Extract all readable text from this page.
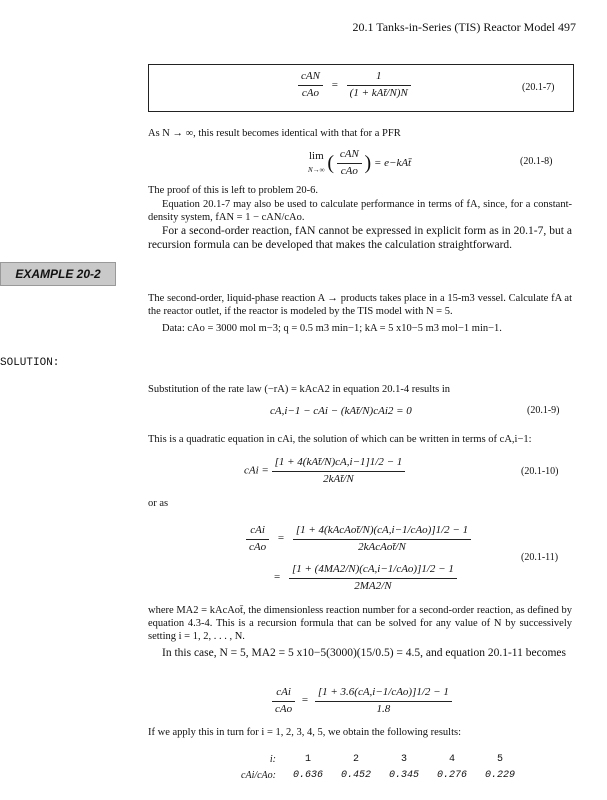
20.1 Tanks-in-Series (TIS) Reactor Model 497
$\frac{\text{cAN}}{\text{cAo}} = \frac{1}{\text{(1 + kAt̄/N)N}}$	(20.1-7)
As N → ∞, this result becomes identical with that for a PFR
lim
N→∞ ( $\frac{\text{cAN}}{\text{cAo}}$ ) = e−kAt̄	(20.1-8)
The proof of this is left to problem 20-6.
Equation 20.1-7 may also be used to calculate performance in terms of fA, since, for a constant-density system, fAN = 1 − cAN/cAo.
For a second-order reaction, fAN cannot be expressed in explicit form as in 20.1-7, but a recursion formula can be developed that makes the calculation straightforward.
EXAMPLE 20-2
The second-order, liquid-phase reaction A → products takes place in a 15-m3 vessel. Calculate fA at the reactor outlet, if the reactor is modeled by the TIS model with N = 5.
Data: cAo = 3000 mol m−3; q = 0.5 m3 min−1; kA = 5 x10−5 m3 mol−1 min−1.
SOLUTION:
Substitution of the rate law (−rA) = kAcA2 in equation 20.1-4 results in
cA,i−1 − cAi − (kAt̄/N)cAi2 = 0	(20.1-9)
This is a quadratic equation in cAi, the solution of which can be written in terms of cA,i−1:
cAi = $\frac{\text{[1 + 4(kAt̄/N)cA,i−1]1/2 − 1}}{\text{2kAt̄/N}}$	(20.1-10)
or as
$\frac{\text{cAi}}{\text{cAo}} = \frac{\text{[1 + 4(kAcAot̄/N)(cA,i−1/cAo)]1/2 − 1}}{\text{2kAcAot̄/N}}$
= $\frac{\text{[1 + (4MA2/N)(cA,i−1/cAo)]1/2 − 1}}{2MA2/N}$
(20.1-11)
where MA2 = kAcAot̄, the dimensionless reaction number for a second-order reaction, as defined by equation 4.3-4. This is a recursion formula that can be solved for any value of N by successively setting i = 1, 2, . . . , N.
In this case, N = 5, MA2 = 5 x10−5(3000)(15/0.5) = 4.5, and equation 20.1-11 becomes
$\frac{\text{cAi}}{\text{cAo}} = \frac{\text{[1 + 3.6(cA,i−1/cAo)]1/2 − 1}}{1.8}$
If we apply this in turn for i = 1, 2, 3, 4, 5, we obtain the following results:
i:	1	2	3	4	5
cAi/cAo:	0.636	0.452	0.345	0.276	0.229
